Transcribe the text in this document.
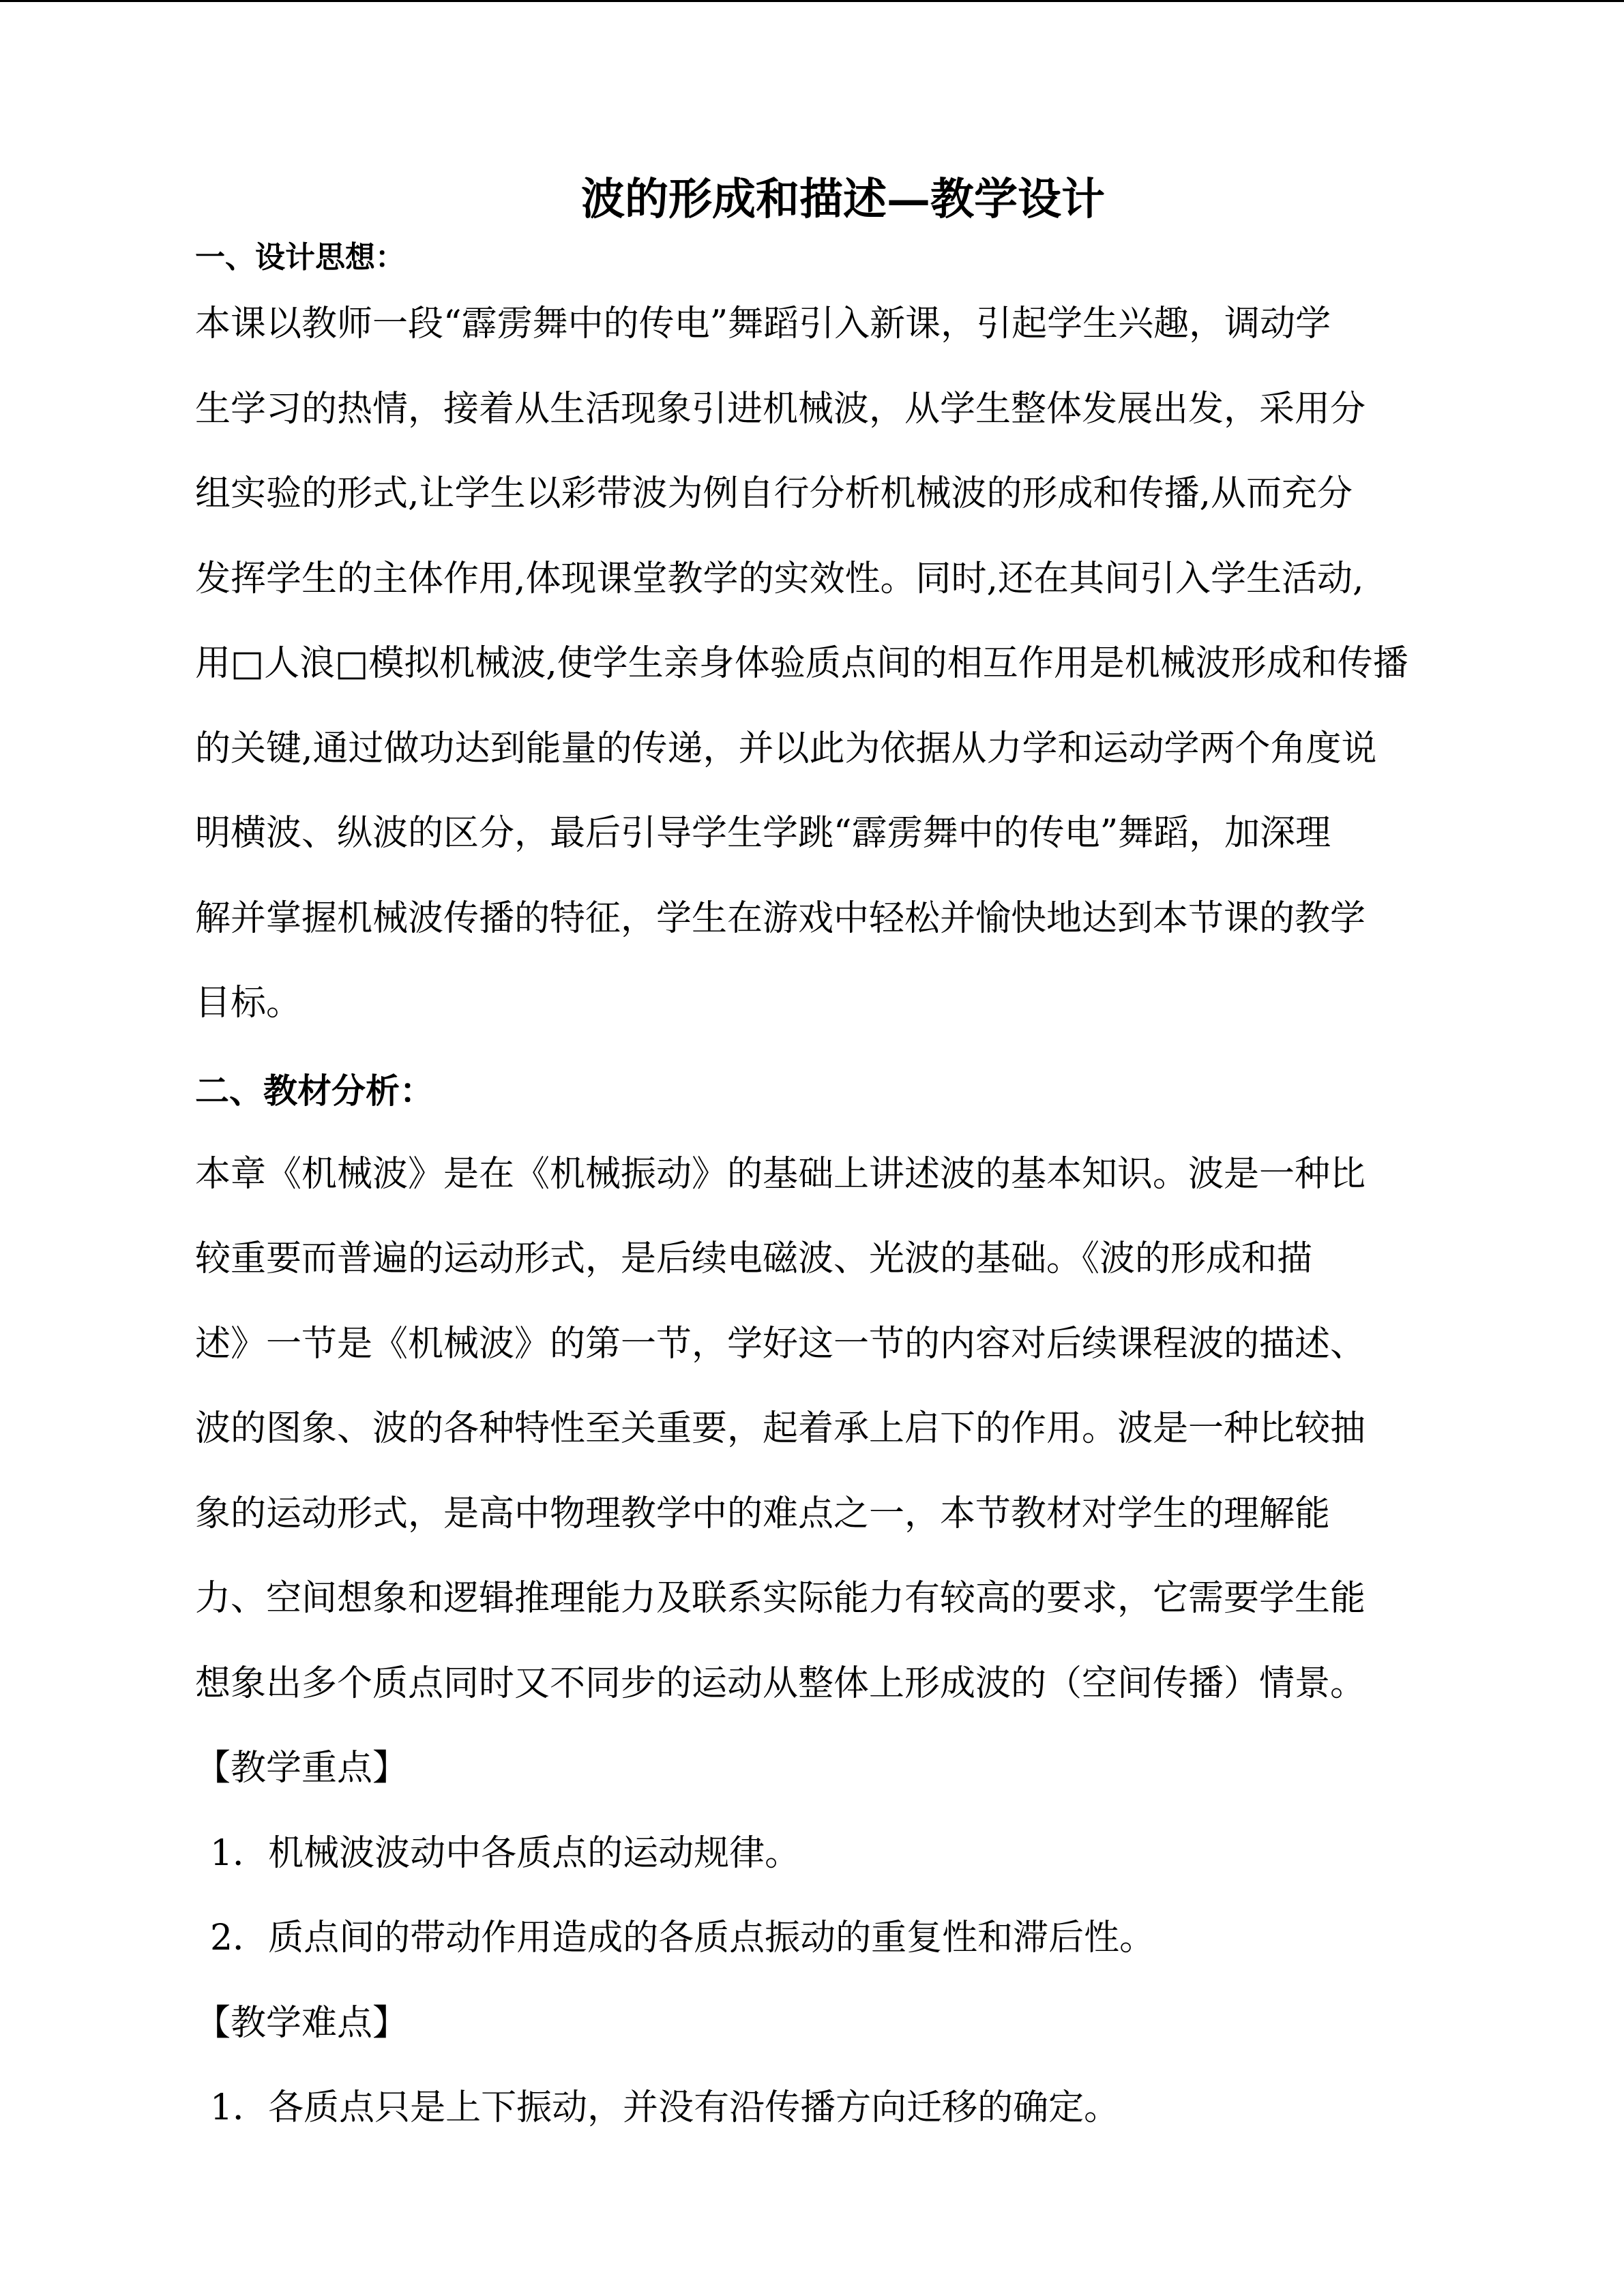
波的形成和描述—教学设计
一、设计思想：
本课以教师一段“霹雳舞中的传电”舞蹈引入新课，引起学生兴趣，调动学
生学习的热情，接着从生活现象引进机械波，从学生整体发展出发，采用分
组实验的形式,让学生以彩带波为例自行分析机械波的形成和传播,从而充分
发挥学生的主体作用,体现课堂教学的实效性。同时,还在其间引入学生活动,
用□人浪□模拟机械波,使学生亲身体验质点间的相互作用是机械波形成和传播
的关键,通过做功达到能量的传递，并以此为依据从力学和运动学两个角度说
明横波、纵波的区分，最后引导学生学跳“霹雳舞中的传电”舞蹈，加深理
解并掌握机械波传播的特征，学生在游戏中轻松并愉快地达到本节课的教学
目标。
二、教材分析：
本章《机械波》是在《机械振动》的基础上讲述波的基本知识。波是一种比
较重要而普遍的运动形式，是后续电磁波、光波的基础。《波的形成和描
述》一节是《机械波》的第一节，学好这一节的内容对后续课程波的描述、
波的图象、波的各种特性至关重要，起着承上启下的作用。波是一种比较抽
象的运动形式，是高中物理教学中的难点之一，本节教材对学生的理解能
力、空间想象和逻辑推理能力及联系实际能力有较高的要求，它需要学生能
想象出多个质点同时又不同步的运动从整体上形成波的（空间传播）情景。
【教学重点】
1．机械波波动中各质点的运动规律。
2．质点间的带动作用造成的各质点振动的重复性和滞后性。
【教学难点】
1．各质点只是上下振动，并没有沿传播方向迁移的确定。
